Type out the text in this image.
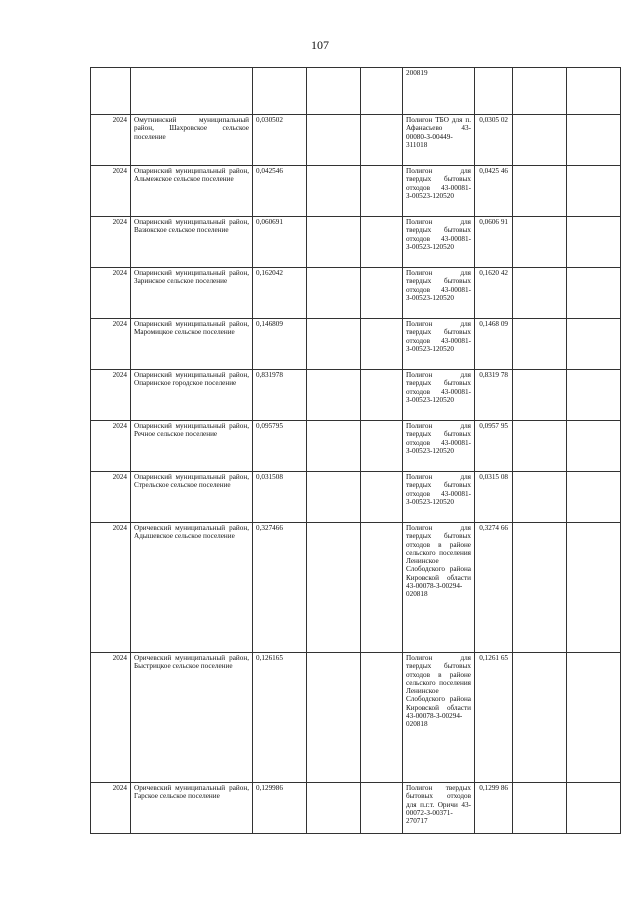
107
					200819			
2024	Омутнинский муниципальный район, Шахровское сельское поселение	0,030502			Полигон ТБО для п. Афанасьево 43-00080-З-00449-311018	0,0305 02		
2024	Опаринский муниципальный район, Альмежское сельское поселение	0,042546			Полигон для твердых бытовых отходов 43-00081-З-00523-120520	0,0425 46		
2024	Опаринский муниципальный район, Вазюкское сельское поселение	0,060691			Полигон для твердых бытовых отходов 43-00081-З-00523-120520	0,0606 91		
2024	Опаринский муниципальный район, Заринское сельское поселение	0,162042			Полигон для твердых бытовых отходов 43-00081-З-00523-120520	0,1620 42		
2024	Опаринский муниципальный район, Маромицкое сельское поселение	0,146809			Полигон для твердых бытовых отходов 43-00081-З-00523-120520	0,1468 09		
2024	Опаринский муниципальный район, Опаринское городское поселение	0,831978			Полигон для твердых бытовых отходов 43-00081-З-00523-120520	0,8319 78		
2024	Опаринский муниципальный район, Речное сельское поселение	0,095795			Полигон для твердых бытовых отходов 43-00081-З-00523-120520	0,0957 95		
2024	Опаринский муниципальный район, Стрельское сельское поселение	0,031508			Полигон для твердых бытовых отходов 43-00081-З-00523-120520	0,0315 08		
2024	Оричевский муниципальный район, Адышевское сельское поселение	0,327466			Полигон для твердых бытовых отходов в районе сельского поселения Ленинское Слободского района Кировской области 43-00078-З-00294-020818	0,3274 66		
2024	Оричевский муниципальный район, Быстрицкое сельское поселение	0,126165			Полигон для твердых бытовых отходов в районе сельского поселения Ленинское Слободского района Кировской области 43-00078-З-00294-020818	0,1261 65		
2024	Оричевский муниципальный район, Гарское сельское поселение	0,129986			Полигон твердых бытовых отходов для п.г.т. Оричи 43-00072-З-00371-270717	0,1299 86		
